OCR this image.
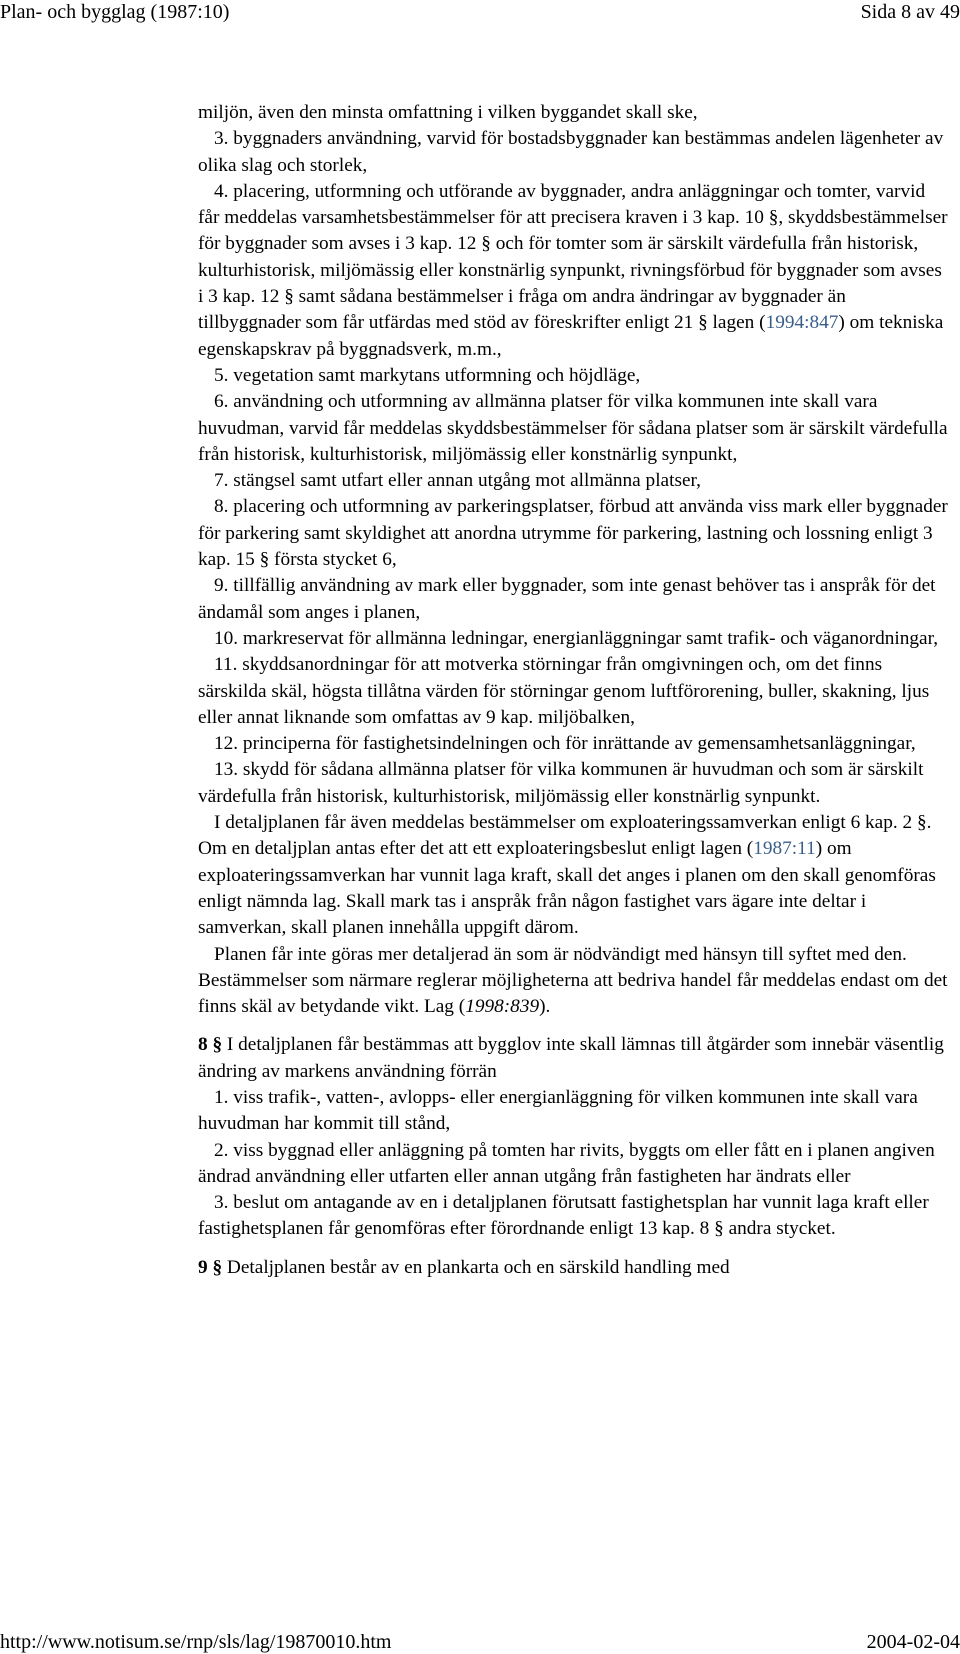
Plan- och bygglag (1987:10)	Sida 8 av 49

miljön, även den minsta omfattning i vilken byggandet skall ske,

3. byggnaders användning, varvid för bostadsbyggnader kan bestämmas andelen lägenheter av olika slag och storlek,

4. placering, utformning och utförande av byggnader, andra anläggningar och tomter, varvid får meddelas varsamhetsbestämmelser för att precisera kraven i 3 kap. 10 §, skyddsbestämmelser för byggnader som avses i 3 kap. 12 § och för tomter som är särskilt värdefulla från historisk, kulturhistorisk, miljömässig eller konstnärlig synpunkt, rivningsförbud för byggnader som avses i 3 kap. 12 § samt sådana bestämmelser i fråga om andra ändringar av byggnader än tillbyggnader som får utfärdas med stöd av föreskrifter enligt 21 § lagen (1994:847) om tekniska egenskapskrav på byggnadsverk, m.m.,

5. vegetation samt markytans utformning och höjdläge,

6. användning och utformning av allmänna platser för vilka kommunen inte skall vara huvudman, varvid får meddelas skyddsbestämmelser för sådana platser som är särskilt värdefulla från historisk, kulturhistorisk, miljömässig eller konstnärlig synpunkt,

7. stängsel samt utfart eller annan utgång mot allmänna platser,

8. placering och utformning av parkeringsplatser, förbud att använda viss mark eller byggnader för parkering samt skyldighet att anordna utrymme för parkering, lastning och lossning enligt 3 kap. 15 § första stycket 6,

9. tillfällig användning av mark eller byggnader, som inte genast behöver tas i anspråk för det ändamål som anges i planen,

10. markreservat för allmänna ledningar, energianläggningar samt trafik- och väganordningar,

11. skyddsanordningar för att motverka störningar från omgivningen och, om det finns särskilda skäl, högsta tillåtna värden för störningar genom luftförorening, buller, skakning, ljus eller annat liknande som omfattas av 9 kap. miljöbalken,

12. principerna för fastighetsindelningen och för inrättande av gemensamhetsanläggningar,

13. skydd för sådana allmänna platser för vilka kommunen är huvudman och som är särskilt värdefulla från historisk, kulturhistorisk, miljömässig eller konstnärlig synpunkt.

I detaljplanen får även meddelas bestämmelser om exploateringssamverkan enligt 6 kap. 2 §. Om en detaljplan antas efter det att ett exploateringsbeslut enligt lagen (1987:11) om exploateringssamverkan har vunnit laga kraft, skall det anges i planen om den skall genomföras enligt nämnda lag. Skall mark tas i anspråk från någon fastighet vars ägare inte deltar i samverkan, skall planen innehålla uppgift därom.

Planen får inte göras mer detaljerad än som är nödvändigt med hänsyn till syftet med den. Bestämmelser som närmare reglerar möjligheterna att bedriva handel får meddelas endast om det finns skäl av betydande vikt. Lag (1998:839).

8 § I detaljplanen får bestämmas att bygglov inte skall lämnas till åtgärder som innebär väsentlig ändring av markens användning förrän

1. viss trafik-, vatten-, avlopps- eller energianläggning för vilken kommunen inte skall vara huvudman har kommit till stånd,

2. viss byggnad eller anläggning på tomten har rivits, byggts om eller fått en i planen angiven ändrad användning eller utfarten eller annan utgång från fastigheten har ändrats eller

3. beslut om antagande av en i detaljplanen förutsatt fastighetsplan har vunnit laga kraft eller fastighetsplanen får genomföras efter förordnande enligt 13 kap. 8 § andra stycket.

9 § Detaljplanen består av en plankarta och en särskild handling med

http://www.notisum.se/rnp/sls/lag/19870010.htm	2004-02-04
